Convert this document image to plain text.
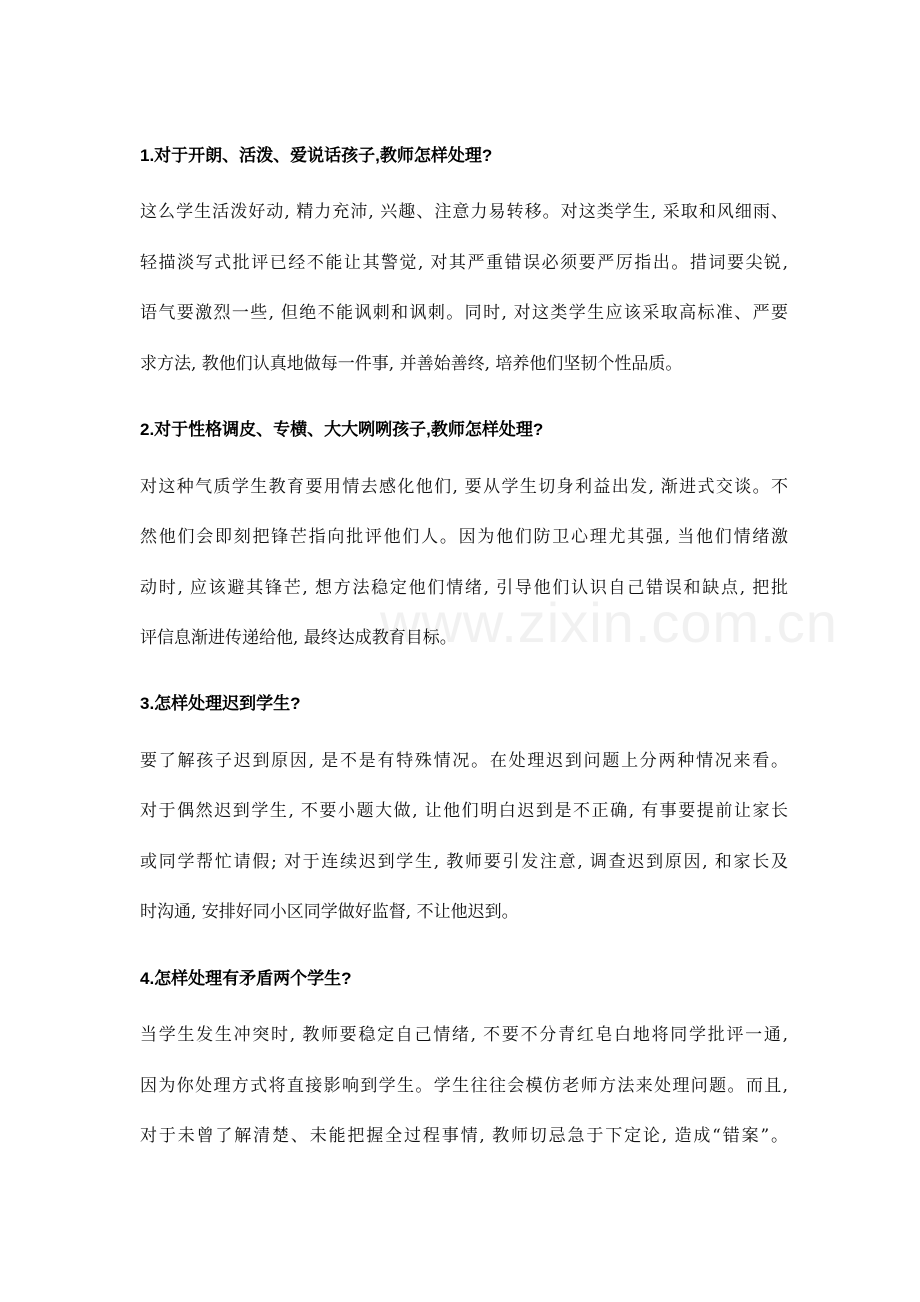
www.zixin.com.cn
1.对于开朗、活泼、爱说话孩子,教师怎样处理?
这么学生活泼好动, 精力充沛, 兴趣、注意力易转移。对这类学生, 采取和风细雨、
轻描淡写式批评已经不能让其警觉, 对其严重错误必须要严厉指出。措词要尖锐,
语气要激烈一些, 但绝不能讽刺和讽刺。同时, 对这类学生应该采取高标准、严要
求方法, 教他们认真地做每一件事, 并善始善终, 培养他们坚韧个性品质。
2.对于性格调皮、专横、大大咧咧孩子,教师怎样处理?
对这种气质学生教育要用情去感化他们, 要从学生切身利益出发, 渐进式交谈。不
然他们会即刻把锋芒指向批评他们人。因为他们防卫心理尤其强, 当他们情绪激
动时, 应该避其锋芒, 想方法稳定他们情绪, 引导他们认识自己错误和缺点, 把批
评信息渐进传递给他, 最终达成教育目标。
3.怎样处理迟到学生?
要了解孩子迟到原因, 是不是有特殊情况。在处理迟到问题上分两种情况来看。
对于偶然迟到学生, 不要小题大做, 让他们明白迟到是不正确, 有事要提前让家长
或同学帮忙请假; 对于连续迟到学生, 教师要引发注意, 调查迟到原因, 和家长及
时沟通, 安排好同小区同学做好监督, 不让他迟到。
4.怎样处理有矛盾两个学生?
当学生发生冲突时, 教师要稳定自己情绪, 不要不分青红皂白地将同学批评一通,
因为你处理方式将直接影响到学生。学生往往会模仿老师方法来处理问题。而且,
对于未曾了解清楚、未能把握全过程事情, 教师切忌急于下定论, 造成“错案”。
